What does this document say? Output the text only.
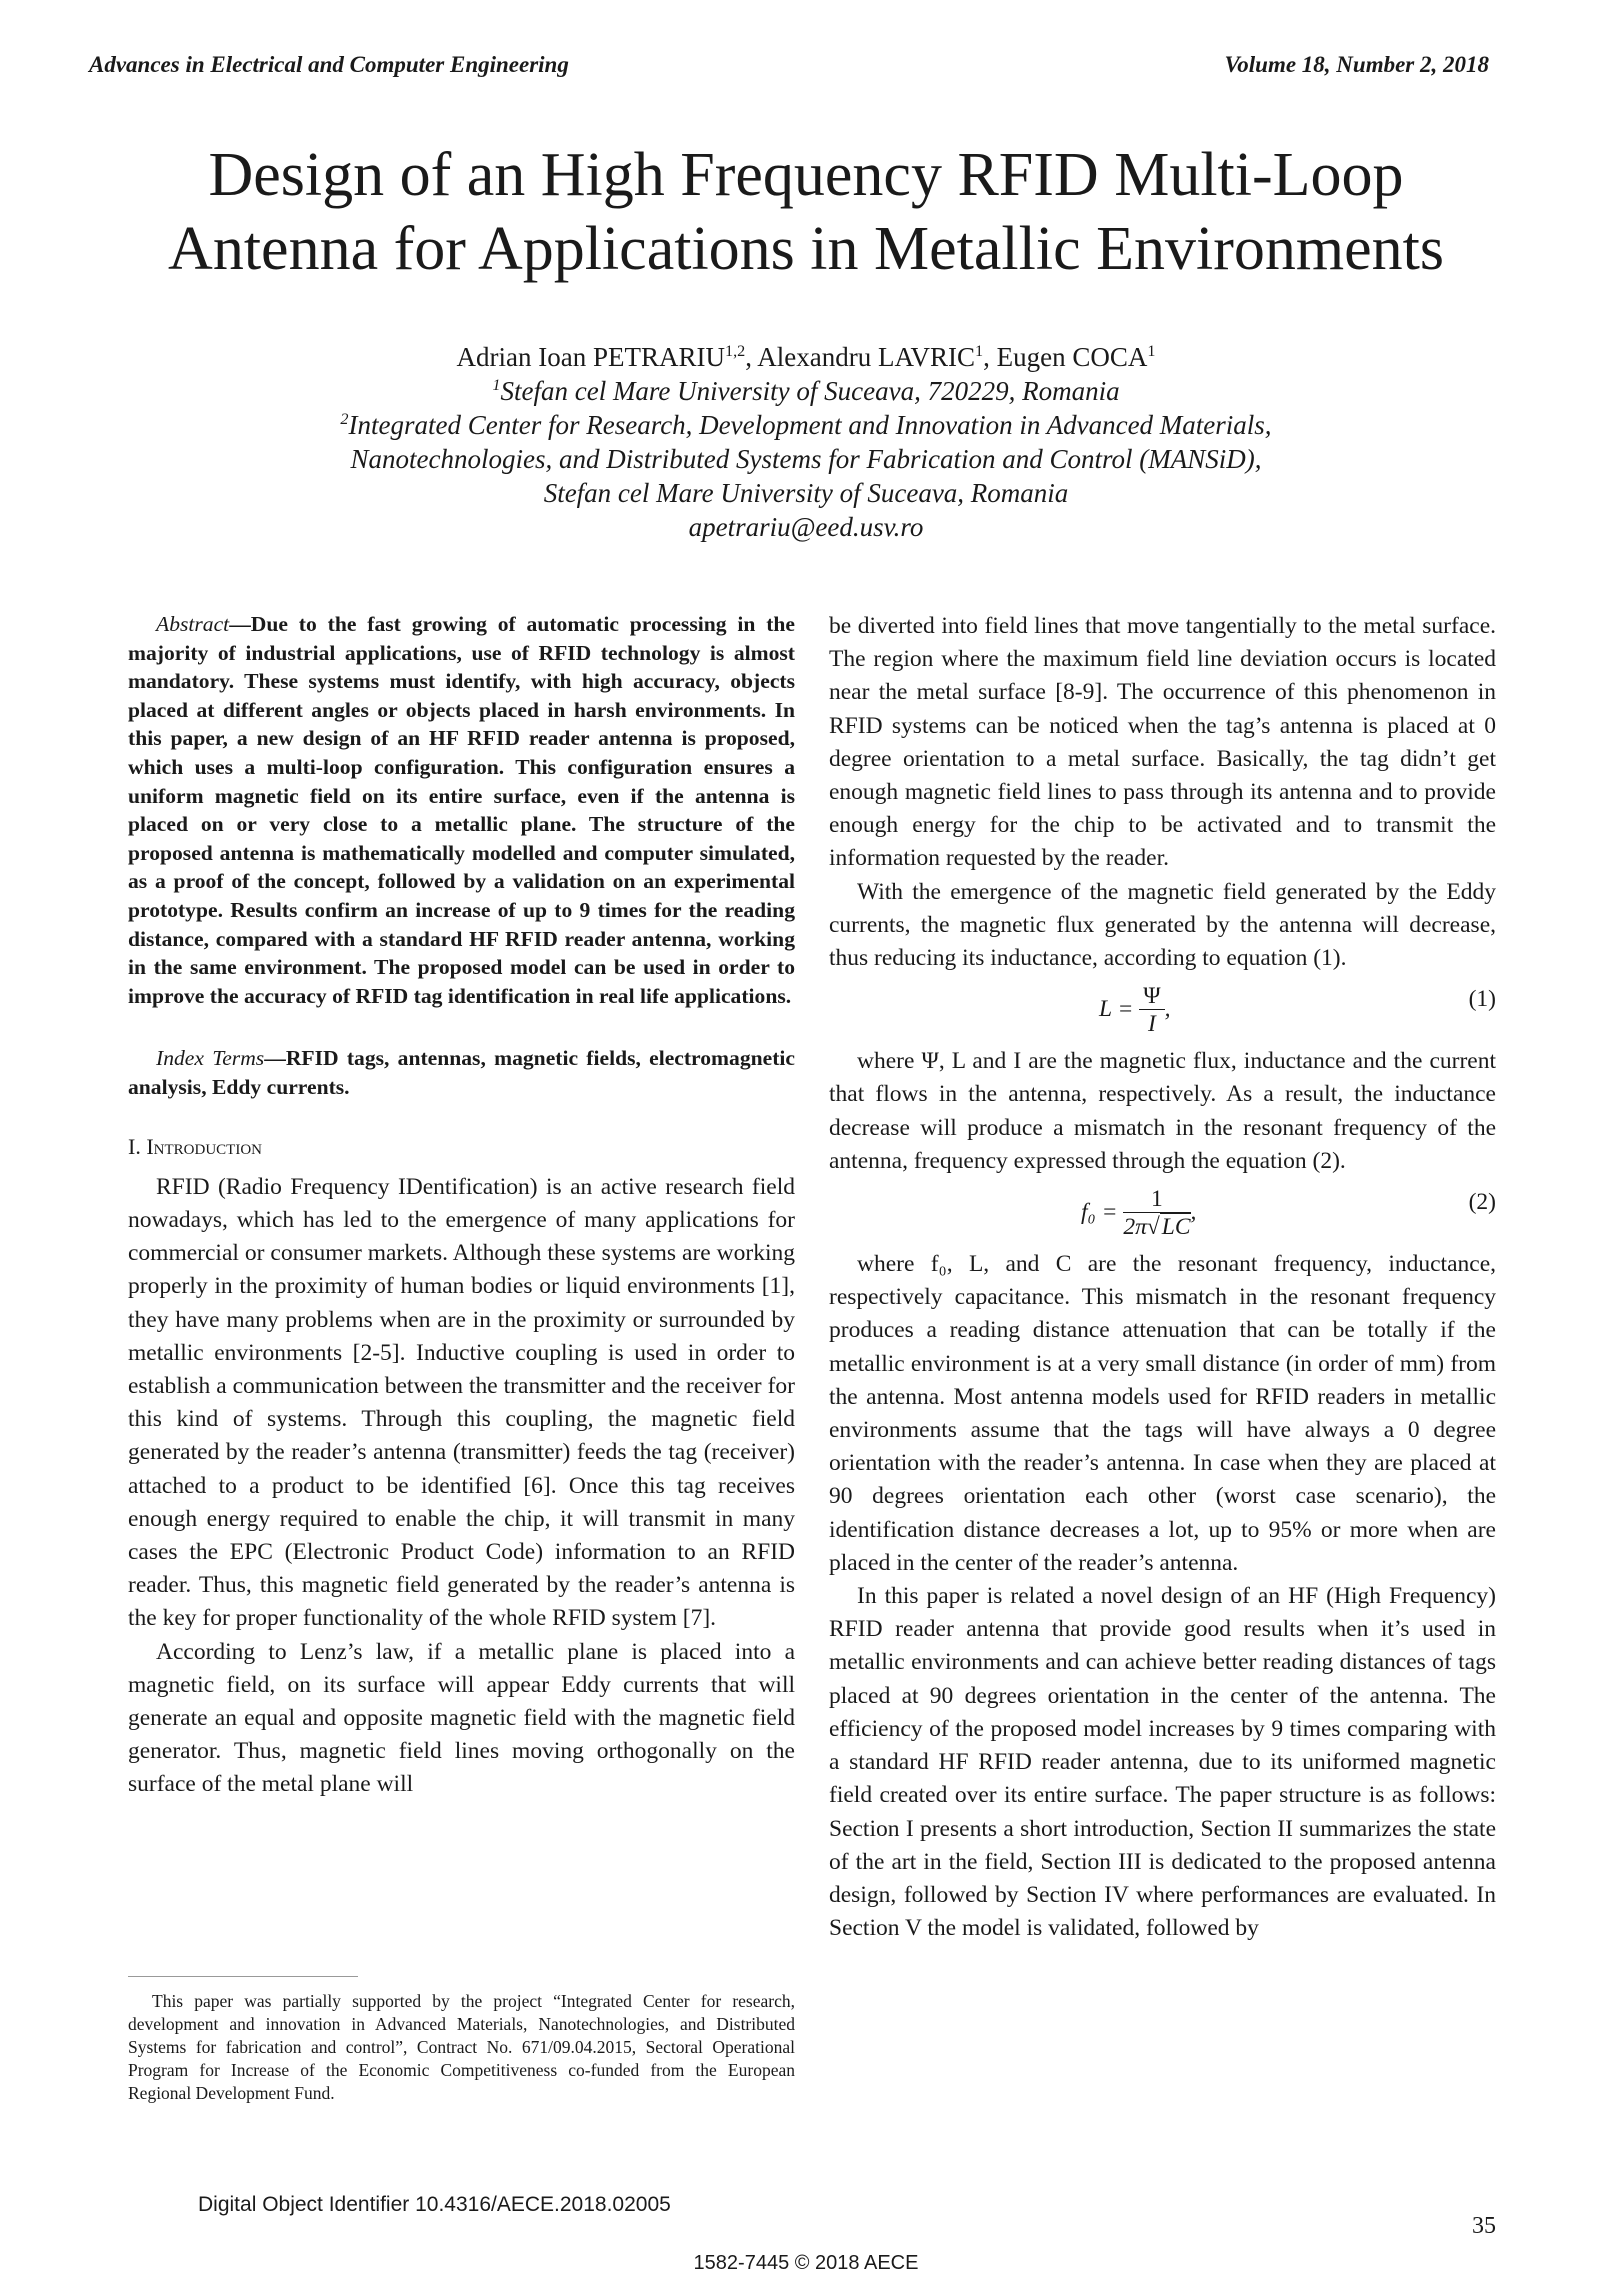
Advances in Electrical and Computer Engineering	Volume 18, Number 2, 2018
Design of an High Frequency RFID Multi-Loop
Antenna for Applications in Metallic Environments
Adrian Ioan PETRARIU$^{1,2}$, Alexandru LAVRIC$^1$, Eugen COCA$^1$
$^1$Stefan cel Mare University of Suceava, 720229, Romania
$^2$Integrated Center for Research, Development and Innovation in Advanced Materials,
Nanotechnologies, and Distributed Systems for Fabrication and Control (MANSiD),
Stefan cel Mare University of Suceava, Romania
apetrariu@eed.usv.ro

Abstract—Due to the fast growing of automatic processing in the majority of industrial applications, use of RFID technology is almost mandatory. These systems must identify, with high accuracy, objects placed at different angles or objects placed in harsh environments. In this paper, a new design of an HF RFID reader antenna is proposed, which uses a multi-loop configuration. This configuration ensures a uniform magnetic field on its entire surface, even if the antenna is placed on or very close to a metallic plane. The structure of the proposed antenna is mathematically modelled and computer simulated, as a proof of the concept, followed by a validation on an experimental prototype. Results confirm an increase of up to 9 times for the reading distance, compared with a standard HF RFID reader antenna, working in the same environment. The proposed model can be used in order to improve the accuracy of RFID tag identification in real life applications.

Index Terms—RFID tags, antennas, magnetic fields, electromagnetic analysis, Eddy currents.

I. Introduction

RFID (Radio Frequency IDentification) is an active research field nowadays, which has led to the emergence of many applications for commercial or consumer markets. Although these systems are working properly in the proximity of human bodies or liquid environments [1], they have many problems when are in the proximity or surrounded by metallic environments [2-5]. Inductive coupling is used in order to establish a communication between the transmitter and the receiver for this kind of systems. Through this coupling, the magnetic field generated by the reader’s antenna (transmitter) feeds the tag (receiver) attached to a product to be identified [6]. Once this tag receives enough energy required to enable the chip, it will transmit in many cases the EPC (Electronic Product Code) information to an RFID reader. Thus, this magnetic field generated by the reader’s antenna is the key for proper functionality of the whole RFID system [7].

According to Lenz’s law, if a metallic plane is placed into a magnetic field, on its surface will appear Eddy currents that will generate an equal and opposite magnetic field with the magnetic field generator. Thus, magnetic field lines moving orthogonally on the surface of the metal plane will

be diverted into field lines that move tangentially to the metal surface. The region where the maximum field line deviation occurs is located near the metal surface [8-9]. The occurrence of this phenomenon in RFID systems can be noticed when the tag’s antenna is placed at 0 degree orientation to a metal surface. Basically, the tag didn’t get enough magnetic field lines to pass through its antenna and to provide enough energy for the chip to be activated and to transmit the information requested by the reader.

With the emergence of the magnetic field generated by the Eddy currents, the magnetic flux generated by the antenna will decrease, thus reducing its inductance, according to equation (1).

$L = \frac{\Psi}{I}$ ,	(1)

where Ψ, L and I are the magnetic flux, inductance and the current that flows in the antenna, respectively. As a result, the inductance decrease will produce a mismatch in the resonant frequency of the antenna, frequency expressed through the equation (2).

$f_0 = \frac{1}{2\pi√LC}$ ,	(2)

where f₀, L, and C are the resonant frequency, inductance, respectively capacitance. This mismatch in the resonant frequency produces a reading distance attenuation that can be totally if the metallic environment is at a very small distance (in order of mm) from the antenna. Most antenna models used for RFID readers in metallic environments assume that the tags will have always a 0 degree orientation with the reader’s antenna. In case when they are placed at 90 degrees orientation each other (worst case scenario), the identification distance decreases a lot, up to 95% or more when are placed in the center of the reader’s antenna.

In this paper is related a novel design of an HF (High Frequency) RFID reader antenna that provide good results when it’s used in metallic environments and can achieve better reading distances of tags placed at 90 degrees orientation in the center of the antenna. The efficiency of the proposed model increases by 9 times comparing with a standard HF RFID reader antenna, due to its uniformed magnetic field created over its entire surface. The paper structure is as follows: Section I presents a short introduction, Section II summarizes the state of the art in the field, Section III is dedicated to the proposed antenna design, followed by Section IV where performances are evaluated. In Section V the model is validated, followed by

This paper was partially supported by the project “Integrated Center for research, development and innovation in Advanced Materials, Nanotechnologies, and Distributed Systems for fabrication and control”, Contract No. 671/09.04.2015, Sectoral Operational Program for Increase of the Economic Competitiveness co-funded from the European Regional Development Fund.

Digital Object Identifier 10.4316/AECE.2018.02005
35
1582-7445 © 2018 AECE
